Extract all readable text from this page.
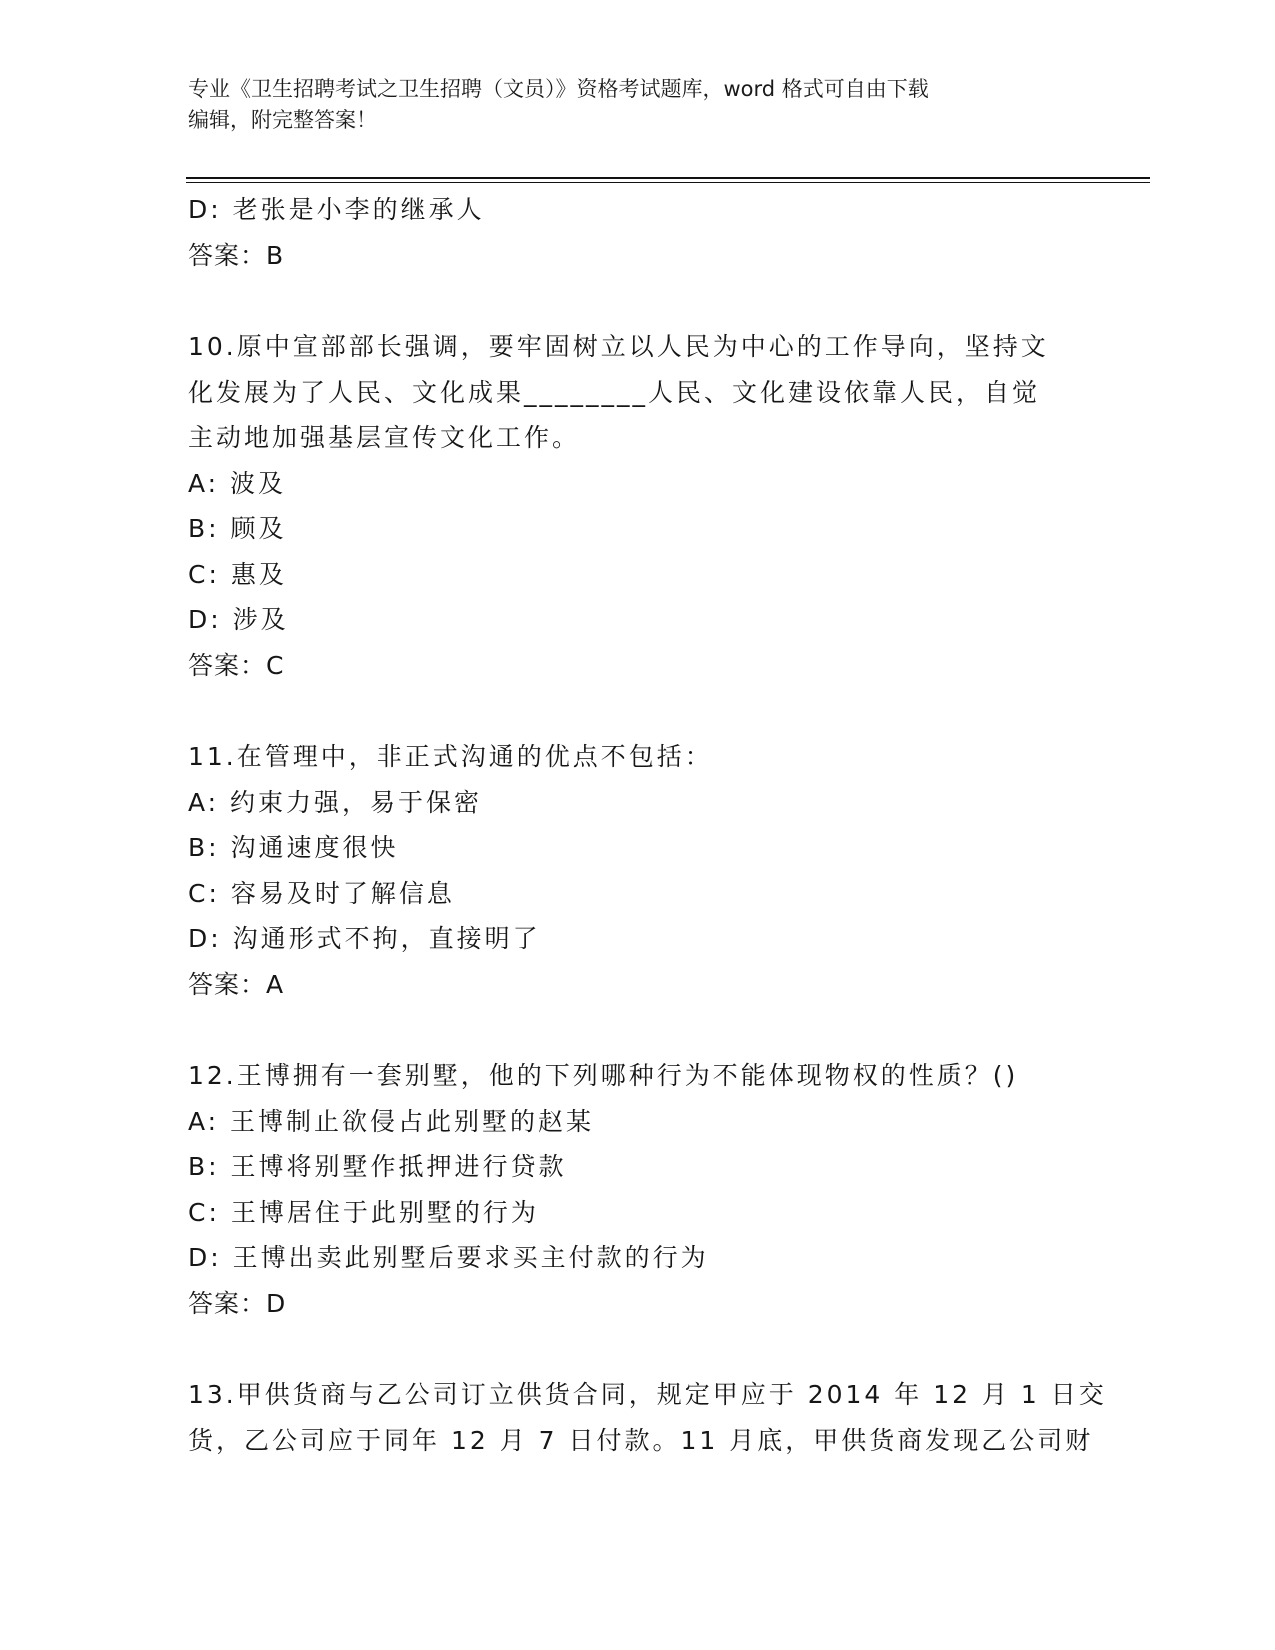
专业《卫生招聘考试之卫生招聘（文员）》资格考试题库，word 格式可自由下载
编辑，附完整答案！
D: 老张是小李的继承人
答案：B
10.原中宣部部长强调，要牢固树立以人民为中心的工作导向，坚持文
化发展为了人民、文化成果________人民、文化建设依靠人民，自觉
主动地加强基层宣传文化工作。
A: 波及
B: 顾及
C: 惠及
D: 涉及
答案：C
11.在管理中，非正式沟通的优点不包括：
A: 约束力强，易于保密
B: 沟通速度很快
C: 容易及时了解信息
D: 沟通形式不拘，直接明了
答案：A
12.王博拥有一套别墅，他的下列哪种行为不能体现物权的性质？()
A: 王博制止欲侵占此别墅的赵某
B: 王博将别墅作抵押进行贷款
C: 王博居住于此别墅的行为
D: 王博出卖此别墅后要求买主付款的行为
答案：D
13.甲供货商与乙公司订立供货合同，规定甲应于 2014 年 12 月 1 日交
货，乙公司应于同年 12 月 7 日付款。11 月底，甲供货商发现乙公司财
